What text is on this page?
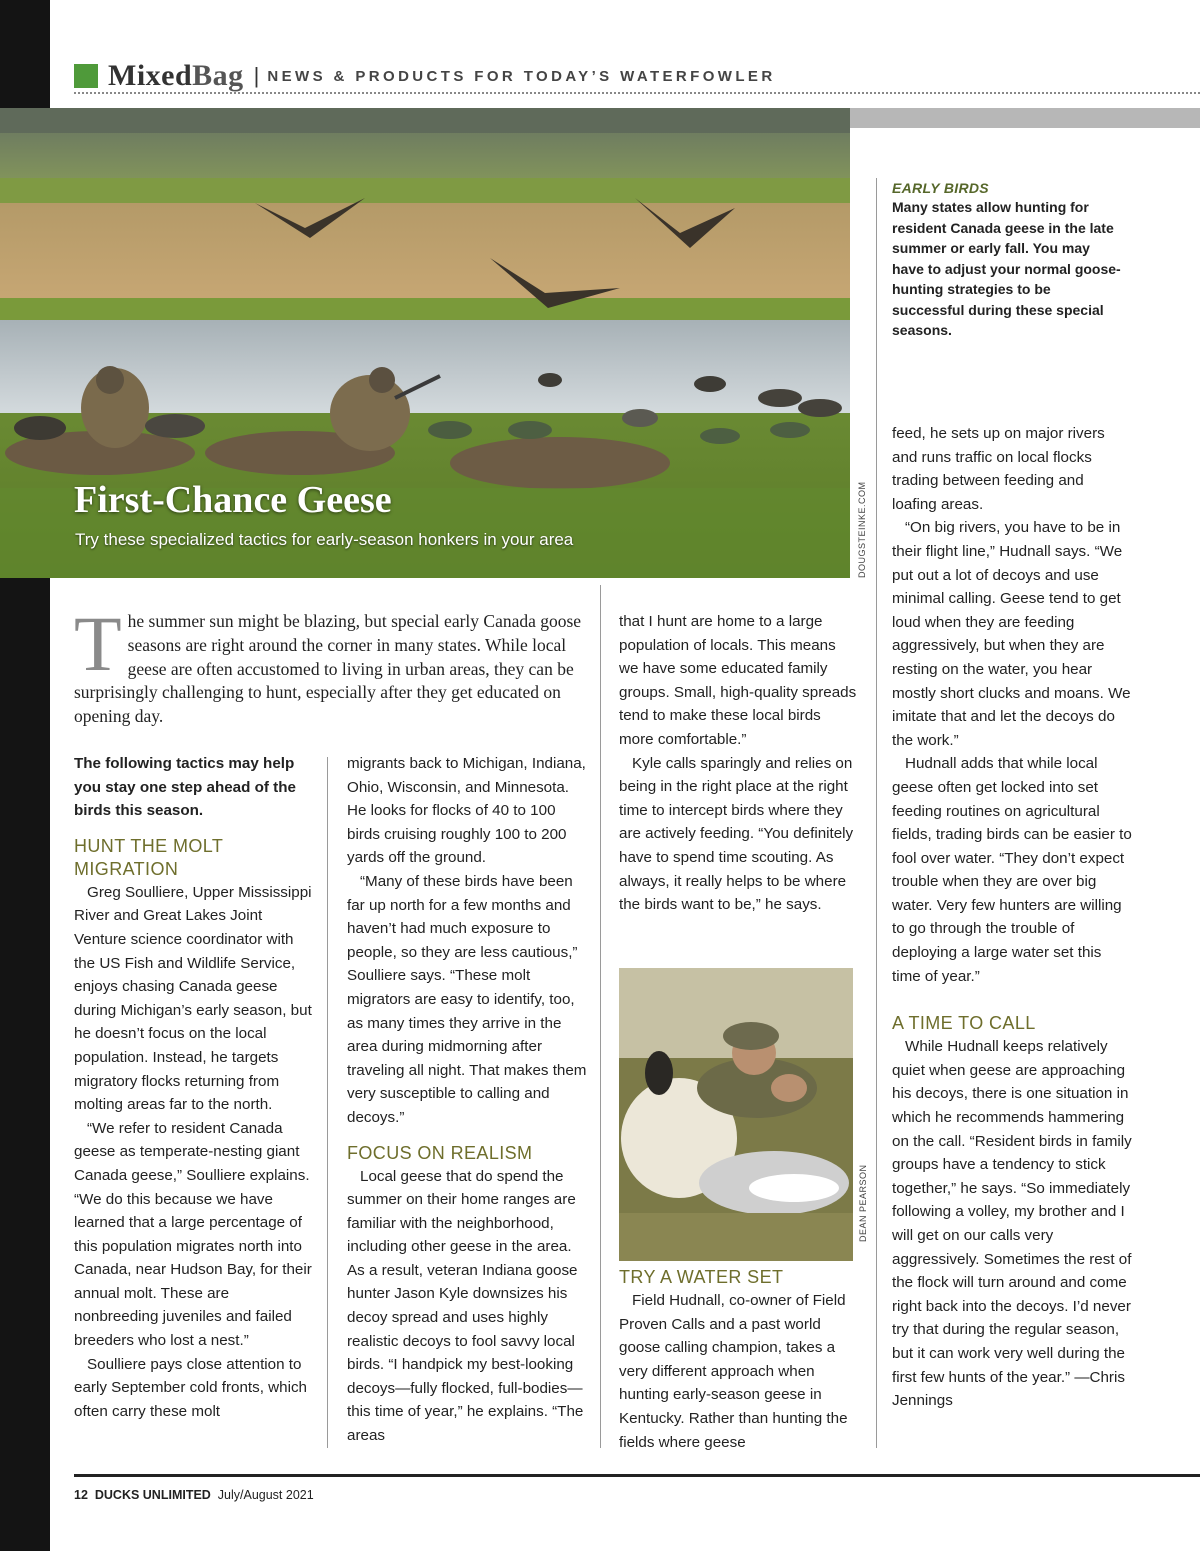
MixedBag | NEWS & PRODUCTS FOR TODAY’S WATERFOWLER
First-Chance Geese
Try these specialized tactics for early-season honkers in your area	DOUGSTEINKE.COM
EARLY BIRDS
Many states allow hunting for resident Canada geese in the late summer or early fall. You may have to adjust your normal goose-hunting strategies to be successful during these special seasons.
T he summer sun might be blazing, but special early Canada goose seasons are right around the corner in many states. While local geese are often accustomed to living in urban areas, they can be surprisingly challenging to hunt, especially after they get educated on opening day.

The following tactics may help you stay one step ahead of the birds this season.

HUNT THE MOLT MIGRATION

Greg Soulliere, Upper Mississippi River and Great Lakes Joint Venture science coordinator with the US Fish and Wildlife Service, enjoys chasing Canada geese during Michigan’s early season, but he doesn’t focus on the local population. Instead, he targets migratory flocks returning from molting areas far to the north.

“We refer to resident Canada geese as temperate-nesting giant Canada geese,” Soulliere explains. “We do this because we have learned that a large percentage of this population migrates north into Canada, near Hudson Bay, for their annual molt. These are nonbreeding juveniles and failed breeders who lost a nest.”

Soulliere pays close attention to early September cold fronts, which often carry these molt

migrants back to Michigan, Indiana, Ohio, Wisconsin, and Minnesota. He looks for flocks of 40 to 100 birds cruising roughly 100 to 200 yards off the ground.

“Many of these birds have been far up north for a few months and haven’t had much exposure to people, so they are less cautious,” Soulliere says. “These molt migrators are easy to identify, too, as many times they arrive in the area during midmorning after traveling all night. That makes them very susceptible to calling and decoys.”

FOCUS ON REALISM

Local geese that do spend the summer on their home ranges are familiar with the neighborhood, including other geese in the area. As a result, veteran Indiana goose hunter Jason Kyle downsizes his decoy spread and uses highly realistic decoys to fool savvy local birds. “I handpick my best-looking decoys—fully flocked, full-bodies—this time of year,” he explains. “The areas

that I hunt are home to a large population of locals. This means we have some educated family groups. Small, high-quality spreads tend to make these local birds more comfortable.”

Kyle calls sparingly and relies on being in the right place at the right time to intercept birds where they are actively feeding. “You definitely have to spend time scouting. As always, it really helps to be where the birds want to be,” he says.

DEAN PEARSON
TRY A WATER SET

Field Hudnall, co-owner of Field Proven Calls and a past world goose calling champion, takes a very different approach when hunting early-season geese in Kentucky. Rather than hunting the fields where geese

feed, he sets up on major rivers and runs traffic on local flocks trading between feeding and loafing areas.

“On big rivers, you have to be in their flight line,” Hudnall says. “We put out a lot of decoys and use minimal calling. Geese tend to get loud when they are feeding aggressively, but when they are resting on the water, you hear mostly short clucks and moans. We imitate that and let the decoys do the work.”

Hudnall adds that while local geese often get locked into set feeding routines on agricultural fields, trading birds can be easier to fool over water. “They don’t expect trouble when they are over big water. Very few hunters are willing to go through the trouble of deploying a large water set this time of year.”

A TIME TO CALL

While Hudnall keeps relatively quiet when geese are approaching his decoys, there is one situation in which he recommends hammering on the call. “Resident birds in family groups have a tendency to stick together,” he says. “So immediately following a volley, my brother and I will get on our calls very aggressively. Sometimes the rest of the flock will turn around and come right back into the decoys. I’d never try that during the regular season, but it can work very well during the first few hunts of the year.” —Chris Jennings

12 DUCKS UNLIMITED July/August 2021
